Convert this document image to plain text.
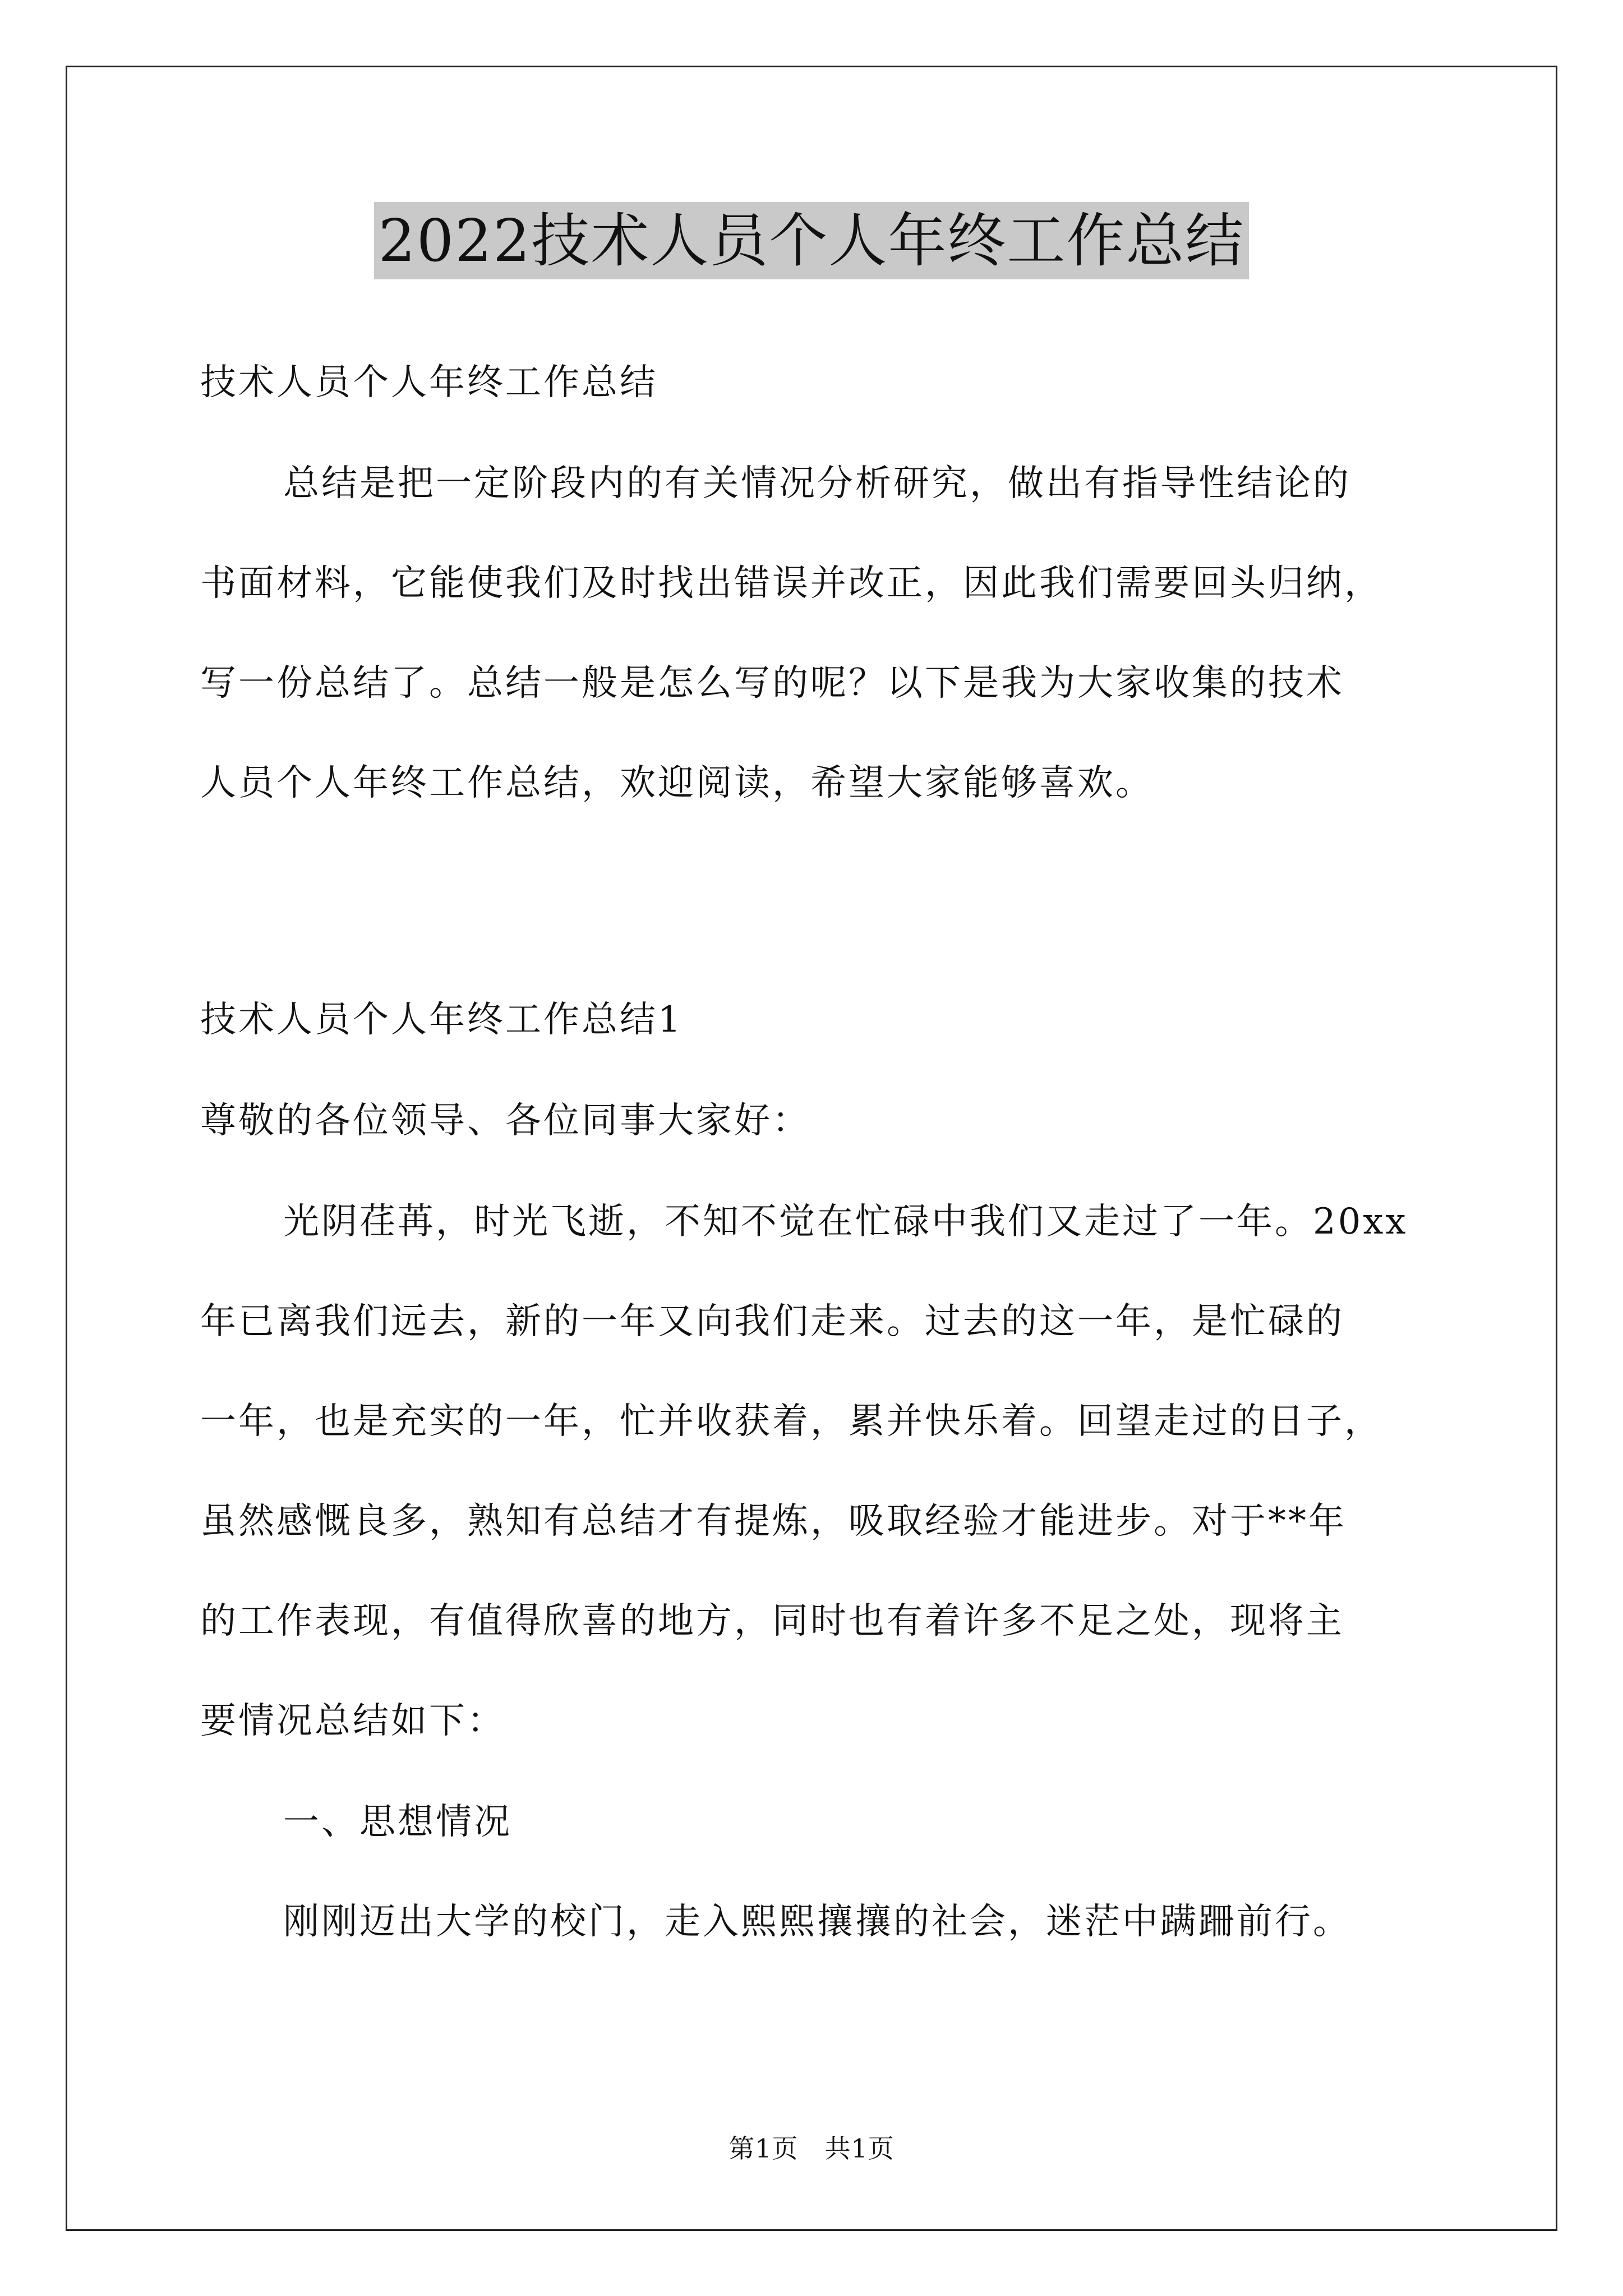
2022技术人员个人年终工作总结
技术人员个人年终工作总结
总结是把一定阶段内的有关情况分析研究，做出有指导性结论的
书面材料，它能使我们及时找出错误并改正，因此我们需要回头归纳，
写一份总结了。总结一般是怎么写的呢？以下是我为大家收集的技术
人员个人年终工作总结，欢迎阅读，希望大家能够喜欢。
技术人员个人年终工作总结1
尊敬的各位领导、各位同事大家好：
光阴荏苒，时光飞逝，不知不觉在忙碌中我们又走过了一年。20xx
年已离我们远去，新的一年又向我们走来。过去的这一年，是忙碌的
一年，也是充实的一年，忙并收获着，累并快乐着。回望走过的日子，
虽然感慨良多，熟知有总结才有提炼，吸取经验才能进步。对于**年
的工作表现，有值得欣喜的地方，同时也有着许多不足之处，现将主
要情况总结如下：
一、思想情况
刚刚迈出大学的校门，走入熙熙攘攘的社会，迷茫中蹒跚前行。
第1页　共1页
